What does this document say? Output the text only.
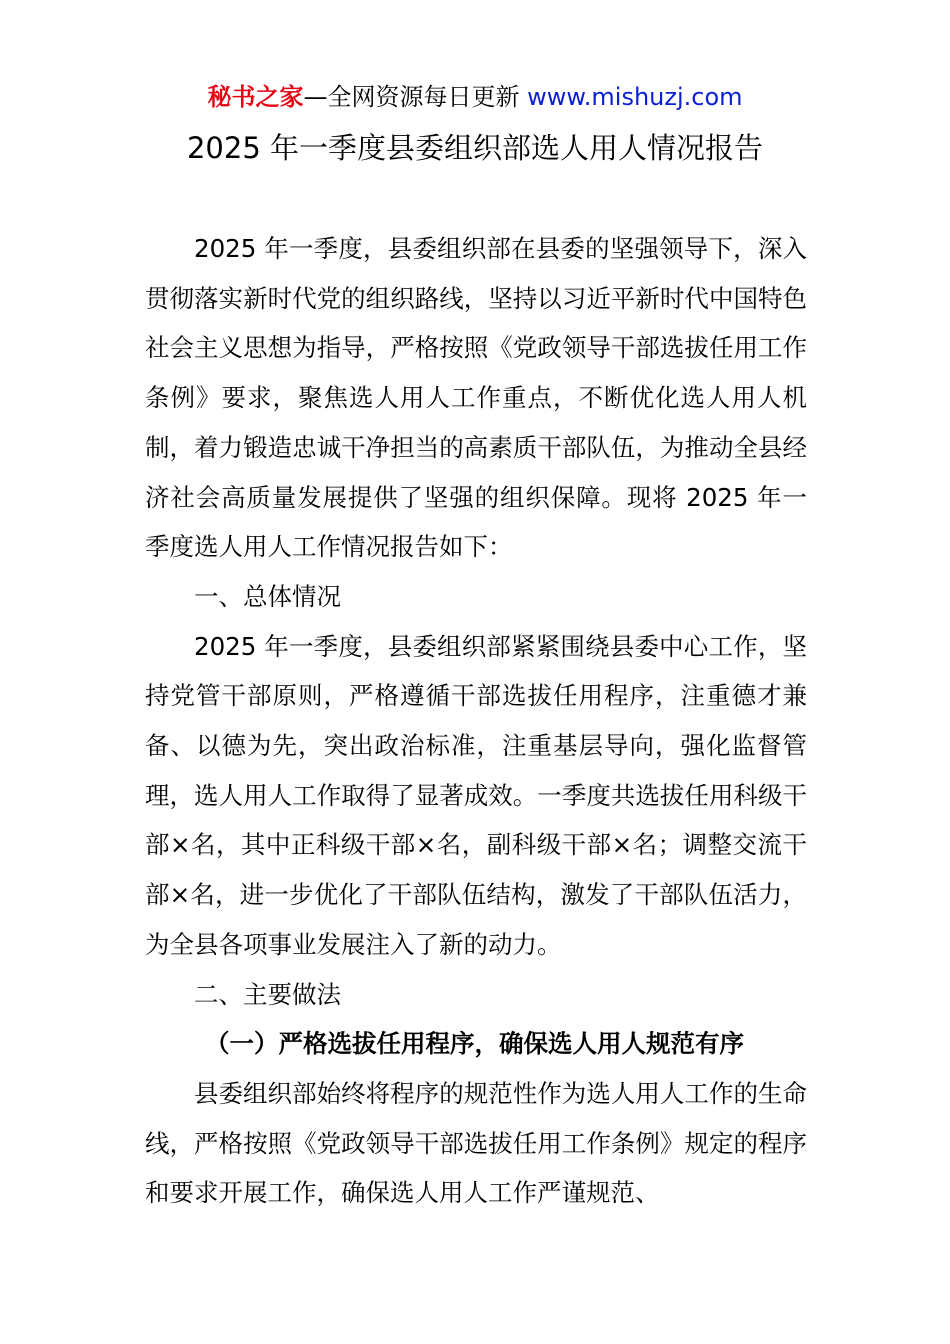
秘书之家—全网资源每日更新 www.mishuzj.com
2025 年一季度县委组织部选人用人情况报告

2025 年一季度，县委组织部在县委的坚强领导下，深入贯彻落实新时代党的组织路线，坚持以习近平新时代中国特色社会主义思想为指导，严格按照《党政领导干部选拔任用工作条例》要求，聚焦选人用人工作重点，不断优化选人用人机制，着力锻造忠诚干净担当的高素质干部队伍，为推动全县经济社会高质量发展提供了坚强的组织保障。现将 2025 年一季度选人用人工作情况报告如下：

一、总体情况

2025 年一季度，县委组织部紧紧围绕县委中心工作，坚持党管干部原则，严格遵循干部选拔任用程序，注重德才兼备、以德为先，突出政治标准，注重基层导向，强化监督管理，选人用人工作取得了显著成效。一季度共选拔任用科级干部×名，其中正科级干部×名，副科级干部×名；调整交流干部×名，进一步优化了干部队伍结构，激发了干部队伍活力，为全县各项事业发展注入了新的动力。

二、主要做法

（一）严格选拔任用程序，确保选人用人规范有序

县委组织部始终将程序的规范性作为选人用人工作的生命线，严格按照《党政领导干部选拔任用工作条例》规定的程序和要求开展工作，确保选人用人工作严谨规范、
